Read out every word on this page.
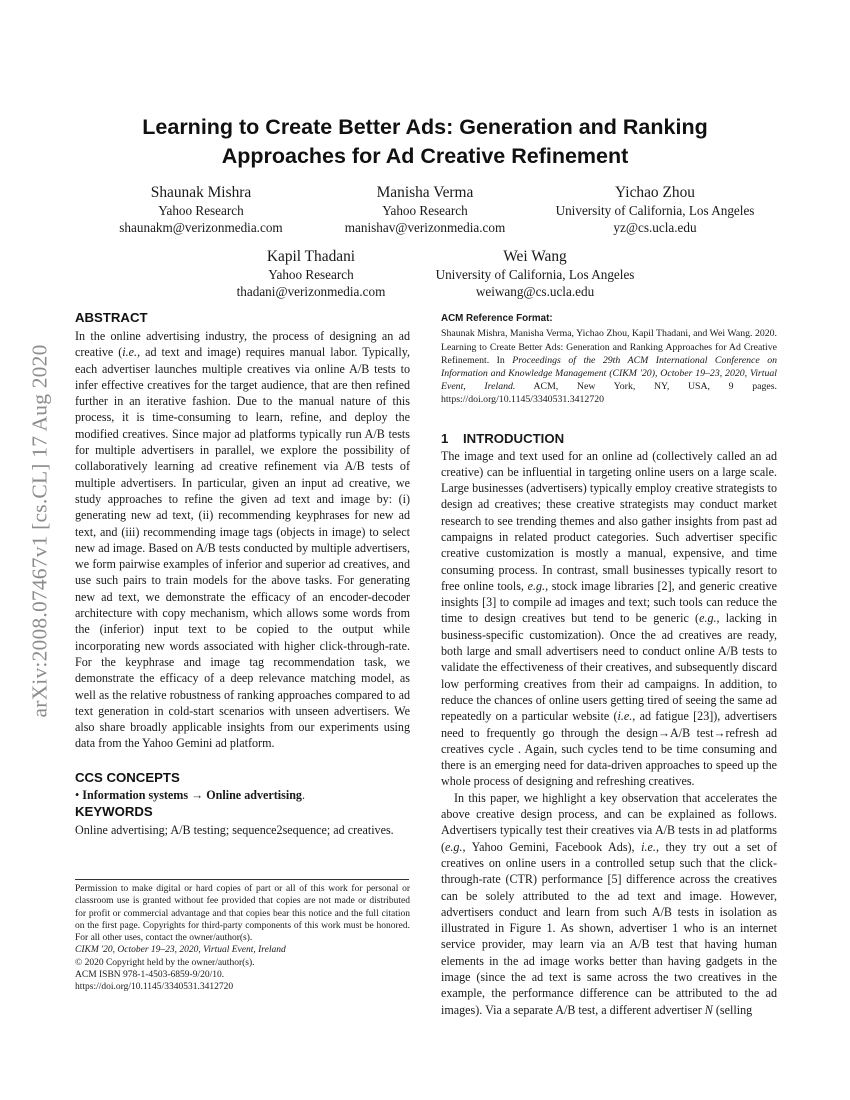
arXiv:2008.07467v1 [cs.CL] 17 Aug 2020
Learning to Create Better Ads: Generation and Ranking
Approaches for Ad Creative Refinement
Shaunak Mishra
Yahoo Research
shaunakm@verizonmedia.com
Manisha Verma
Yahoo Research
manishav@verizonmedia.com
Yichao Zhou
University of California, Los Angeles
yz@cs.ucla.edu
Kapil Thadani
Yahoo Research
thadani@verizonmedia.com
Wei Wang
University of California, Los Angeles
weiwang@cs.ucla.edu
ABSTRACT

In the online advertising industry, the process of designing an ad creative (i.e., ad text and image) requires manual labor. Typically, each advertiser launches multiple creatives via online A/B tests to infer effective creatives for the target audience, that are then refined further in an iterative fashion. Due to the manual nature of this process, it is time-consuming to learn, refine, and deploy the modified creatives. Since major ad platforms typically run A/B tests for multiple advertisers in parallel, we explore the possibility of collaboratively learning ad creative refinement via A/B tests of multiple advertisers. In particular, given an input ad creative, we study approaches to refine the given ad text and image by: (i) generating new ad text, (ii) recommending keyphrases for new ad text, and (iii) recommending image tags (objects in image) to select new ad image. Based on A/B tests conducted by multiple advertisers, we form pairwise examples of inferior and superior ad creatives, and use such pairs to train models for the above tasks. For generating new ad text, we demonstrate the efficacy of an encoder-decoder architecture with copy mechanism, which allows some words from the (inferior) input text to be copied to the output while incorporating new words associated with higher click-through-rate. For the keyphrase and image tag recommendation task, we demonstrate the efficacy of a deep relevance matching model, as well as the relative robustness of ranking approaches compared to ad text generation in cold-start scenarios with unseen advertisers. We also share broadly applicable insights from our experiments using data from the Yahoo Gemini ad platform.

CCS CONCEPTS

• Information systems → Online advertising.

KEYWORDS

Online advertising; A/B testing; sequence2sequence; ad creatives.

Permission to make digital or hard copies of part or all of this work for personal or classroom use is granted without fee provided that copies are not made or distributed for profit or commercial advantage and that copies bear this notice and the full citation on the first page. Copyrights for third-party components of this work must be honored. For all other uses, contact the owner/author(s).

CIKM '20, October 19–23, 2020, Virtual Event, Ireland

© 2020 Copyright held by the owner/author(s).

ACM ISBN 978-1-4503-6859-9/20/10.

https://doi.org/10.1145/3340531.3412720

ACM Reference Format:

Shaunak Mishra, Manisha Verma, Yichao Zhou, Kapil Thadani, and Wei Wang. 2020. Learning to Create Better Ads: Generation and Ranking Approaches for Ad Creative Refinement. In Proceedings of the 29th ACM International Conference on Information and Knowledge Management (CIKM '20), October 19–23, 2020, Virtual Event, Ireland. ACM, New York, NY, USA, 9 pages. https://doi.org/10.1145/3340531.3412720

1 INTRODUCTION

The image and text used for an online ad (collectively called an ad creative) can be influential in targeting online users on a large scale. Large businesses (advertisers) typically employ creative strategists to design ad creatives; these creative strategists may conduct market research to see trending themes and also gather insights from past ad campaigns in related product categories. Such advertiser specific creative customization is mostly a manual, expensive, and time consuming process. In contrast, small businesses typically resort to free online tools, e.g., stock image libraries [2], and generic creative insights [3] to compile ad images and text; such tools can reduce the time to design creatives but tend to be generic (e.g., lacking in business-specific customization). Once the ad creatives are ready, both large and small advertisers need to conduct online A/B tests to validate the effectiveness of their creatives, and subsequently discard low performing creatives from their ad campaigns. In addition, to reduce the chances of online users getting tired of seeing the same ad repeatedly on a particular website (i.e., ad fatigue [23]), advertisers need to frequently go through the design→A/B test→refresh ad creatives cycle . Again, such cycles tend to be time consuming and there is an emerging need for data-driven approaches to speed up the whole process of designing and refreshing creatives.

In this paper, we highlight a key observation that accelerates the above creative design process, and can be explained as follows. Advertisers typically test their creatives via A/B tests in ad platforms (e.g., Yahoo Gemini, Facebook Ads), i.e., they try out a set of creatives on online users in a controlled setup such that the click-through-rate (CTR) performance [5] difference across the creatives can be solely attributed to the ad text and image. However, advertisers conduct and learn from such A/B tests in isolation as illustrated in Figure 1. As shown, advertiser 1 who is an internet service provider, may learn via an A/B test that having human elements in the ad image works better than having gadgets in the image (since the ad text is same across the two creatives in the example, the performance difference can be attributed to the ad images). Via a separate A/B test, a different advertiser N (selling
